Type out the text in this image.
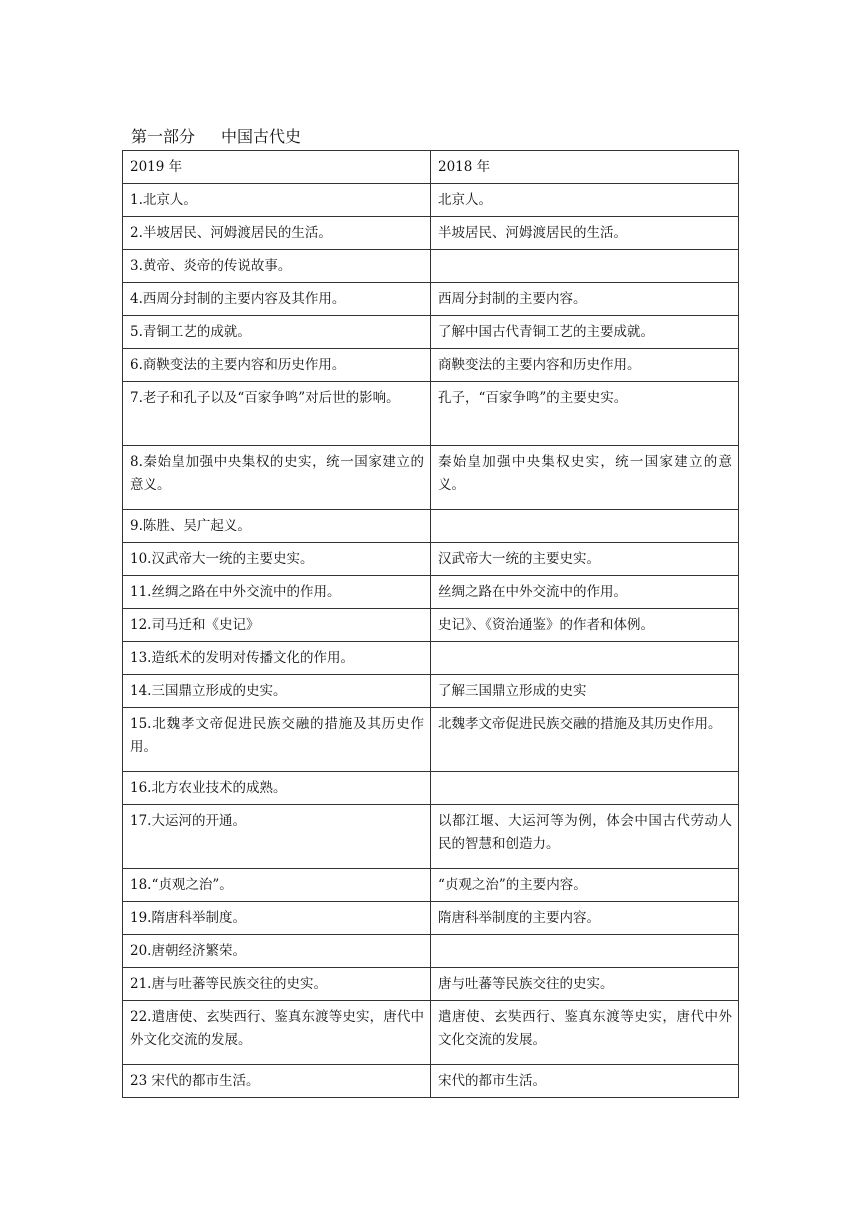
第一部分 中国古代史
2019 年	2018 年
1.北京人。	北京人。
2.半坡居民、河姆渡居民的生活。	半坡居民、河姆渡居民的生活。
3.黄帝、炎帝的传说故事。	
4.西周分封制的主要内容及其作用。	西周分封制的主要内容。
5.青铜工艺的成就。	了解中国古代青铜工艺的主要成就。
6.商鞅变法的主要内容和历史作用。	商鞅变法的主要内容和历史作用。
7.老子和孔子以及“百家争鸣”对后世的影响。	孔子，“百家争鸣”的主要史实。
8.秦始皇加强中央集权的史实，统一国家建立的意义。	秦始皇加强中央集权史实，统一国家建立的意义。
9.陈胜、吴广起义。	
10.汉武帝大一统的主要史实。	汉武帝大一统的主要史实。
11.丝绸之路在中外交流中的作用。	丝绸之路在中外交流中的作用。
12.司马迁和《史记》	史记》、《资治通鉴》的作者和体例。
13.造纸术的发明对传播文化的作用。	
14.三国鼎立形成的史实。	了解三国鼎立形成的史实
15.北魏孝文帝促进民族交融的措施及其历史作用。	北魏孝文帝促进民族交融的措施及其历史作用。
16.北方农业技术的成熟。	
17.大运河的开通。	以都江堰、大运河等为例，体会中国古代劳动人民的智慧和创造力。
18.“贞观之治”。	“贞观之治”的主要内容。
19.隋唐科举制度。	隋唐科举制度的主要内容。
20.唐朝经济繁荣。	
21.唐与吐蕃等民族交往的史实。	唐与吐蕃等民族交往的史实。
22.遣唐使、玄奘西行、鉴真东渡等史实，唐代中外文化交流的发展。	遣唐使、玄奘西行、鉴真东渡等史实，唐代中外文化交流的发展。
23 宋代的都市生活。	宋代的都市生活。
